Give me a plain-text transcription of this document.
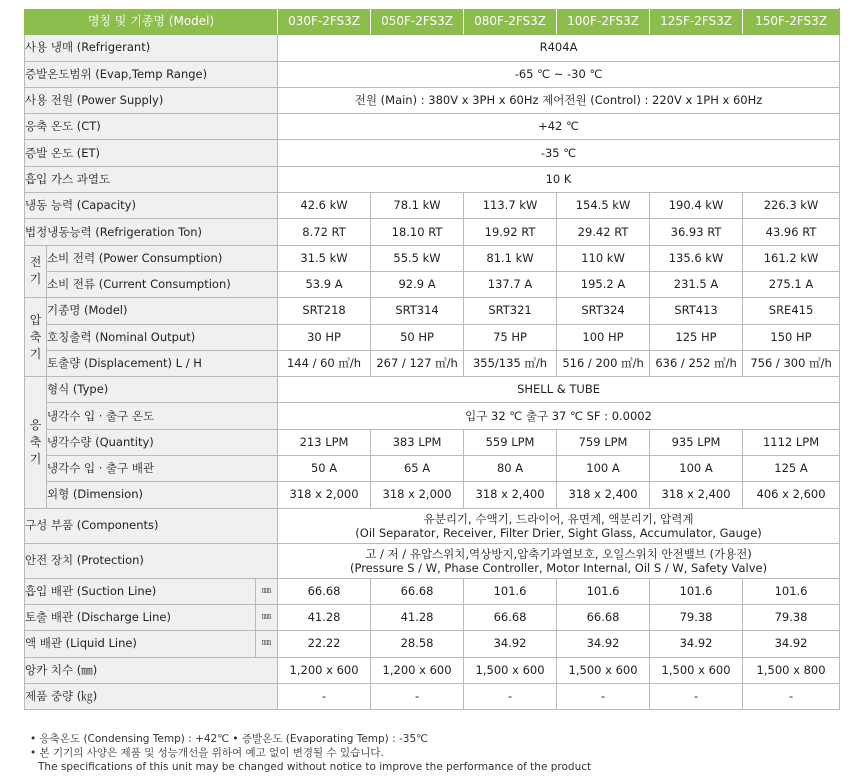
명칭 및 기종명 (Model)			030F-2FS3Z	050F-2FS3Z	080F-2FS3Z	100F-2FS3Z	125F-2FS3Z	150F-2FS3Z
사용 냉매 (Refrigerant)			R404A					
증발온도범위 (Evap,Temp Range)			-65 ℃ ~ -30 ℃					
사용 전원 (Power Supply)			전원 (Main) : 380V x 3PH x 60Hz 제어전원 (Control) : 220V x 1PH x 60Hz					
응축 온도 (CT)			+42 ℃					
증발 온도 (ET)			-35 ℃					
흡입 가스 과열도			10 K					
냉동 능력 (Capacity)			42.6 kW	78.1 kW	113.7 kW	154.5 kW	190.4 kW	226.3 kW
법정냉동능력 (Refrigeration Ton)			8.72 RT	18.10 RT	19.92 RT	29.42 RT	36.93 RT	43.96 RT
전기	소비 전력 (Power Consumption)		31.5 kW	55.5 kW	81.1 kW	110 kW	135.6 kW	161.2 kW
	소비 전류 (Current Consumption)		53.9 A	92.9 A	137.7 A	195.2 A	231.5 A	275.1 A
압축기	기종명 (Model)		SRT218	SRT314	SRT321	SRT324	SRT413	SRE415
	호칭출력 (Nominal Output)		30 HP	50 HP	75 HP	100 HP	125 HP	150 HP
	토출량 (Displacement) L / H		144 / 60 ㎥/h	267 / 127 ㎥/h	355/135 ㎥/h	516 / 200 ㎥/h	636 / 252 ㎥/h	756 / 300 ㎥/h
응축기	형식 (Type)		SHELL & TUBE					
	냉각수 입 · 출구 온도		입구 32 ℃ 출구 37 ℃ SF : 0.0002					
	냉각수량 (Quantity)		213 LPM	383 LPM	559 LPM	759 LPM	935 LPM	1112 LPM
	냉각수 입 · 출구 배관		50 A	65 A	80 A	100 A	100 A	125 A
	외형 (Dimension)		318 x 2,000	318 x 2,000	318 x 2,400	318 x 2,400	318 x 2,400	406 x 2,600
구성 부품 (Components)			유분리기, 수액기, 드라이어, 유면계, 액분리기, 압력계
(Oil Separator, Receiver, Filter Drier, Sight Glass, Accumulator, Gauge)					

안전 장치 (Protection)			고 / 저 / 유압스위치,역상방지,압축기과열보호, 오일스위치 안전밸브 (가용전)
(Pressure S / W, Phase Controller, Motor Internal, Oil S / W, Safety Valve)					

흡입 배관 (Suction Line)		㎜	66.68	66.68	101.6	101.6	101.6	101.6
토출 배관 (Discharge Line)		㎜	41.28	41.28	66.68	66.68	79.38	79.38
액 배관 (Liquid Line)		㎜	22.22	28.58	34.92	34.92	34.92	34.92
앙카 치수 (㎜)			1,200 x 600	1,200 x 600	1,500 x 600	1,500 x 600	1,500 x 600	1,500 x 800
제품 중량 (㎏)			-	-	-	-	-	-
• 응축온도 (Condensing Temp) : +42℃ • 증발온도 (Evaporating Temp) : -35℃
• 본 기기의 사양은 제품 및 성능개선을 위하여 예고 없이 변경될 수 있습니다.
The specifications of this unit may be changed without notice to improve the performance of the product
